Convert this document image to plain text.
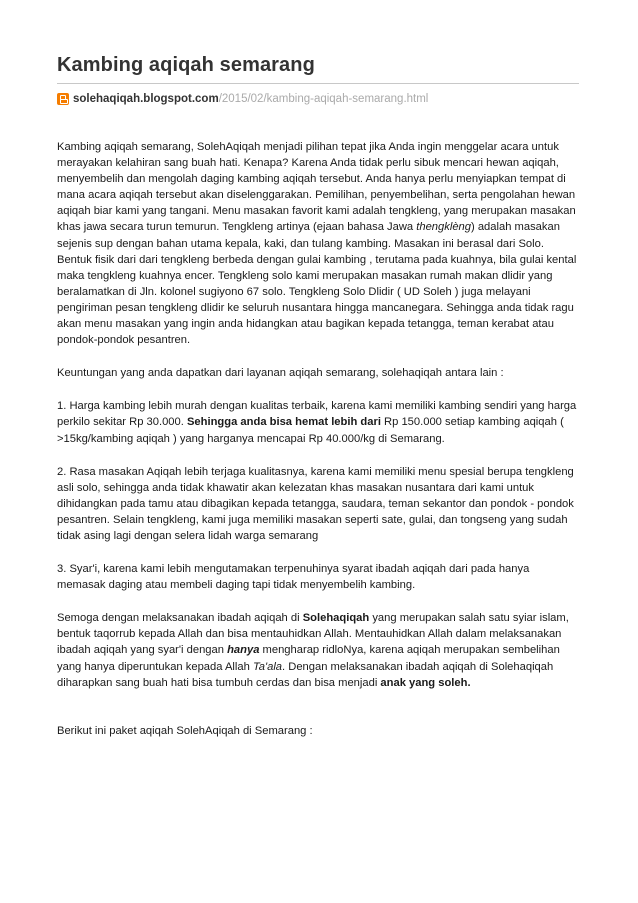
Kambing aqiqah semarang
solehaqiqah.blogspot.com/2015/02/kambing-aqiqah-semarang.html

Kambing aqiqah semarang, SolehAqiqah menjadi pilihan tepat jika Anda ingin menggelar acara untuk merayakan kelahiran sang buah hati. Kenapa? Karena Anda tidak perlu sibuk mencari hewan aqiqah, menyembelih dan mengolah daging kambing aqiqah tersebut. Anda hanya perlu menyiapkan tempat di mana acara aqiqah tersebut akan diselenggarakan. Pemilihan, penyembelihan, serta pengolahan hewan aqiqah biar kami yang tangani. Menu masakan favorit kami adalah tengkleng, yang merupakan masakan khas jawa secara turun temurun. Tengkleng artinya (ejaan bahasa Jawa thengklèng) adalah masakan sejenis sup dengan bahan utama kepala, kaki, dan tulang kambing. Masakan ini berasal dari Solo. Bentuk fisik dari dari tengkleng berbeda dengan gulai kambing , terutama pada kuahnya, bila gulai kental maka tengkleng kuahnya encer. Tengkleng solo kami merupakan masakan rumah makan dlidir yang beralamatkan di Jln. kolonel sugiyono 67 solo. Tengkleng Solo Dlidir ( UD Soleh ) juga melayani pengiriman pesan tengkleng dlidir ke seluruh nusantara hingga mancanegara. Sehingga anda tidak ragu akan menu masakan yang ingin anda hidangkan atau bagikan kepada tetangga, teman kerabat atau pondok-pondok pesantren.

Keuntungan yang anda dapatkan dari layanan aqiqah semarang, solehaqiqah antara lain :

1. Harga kambing lebih murah dengan kualitas terbaik, karena kami memiliki kambing sendiri yang harga perkilo sekitar Rp 30.000. Sehingga anda bisa hemat lebih dari Rp 150.000 setiap kambing aqiqah ( >15kg/kambing aqiqah ) yang harganya mencapai Rp 40.000/kg di Semarang.

2. Rasa masakan Aqiqah lebih terjaga kualitasnya, karena kami memiliki menu spesial berupa tengkleng asli solo, sehingga anda tidak khawatir akan kelezatan khas masakan nusantara dari kami untuk dihidangkan pada tamu atau dibagikan kepada tetangga, saudara, teman sekantor dan pondok - pondok pesantren. Selain tengkleng, kami juga memiliki masakan seperti sate, gulai, dan tongseng yang sudah tidak asing lagi dengan selera lidah warga semarang

3. Syar'i, karena kami lebih mengutamakan terpenuhinya syarat ibadah aqiqah dari pada hanya memasak daging atau membeli daging tapi tidak menyembelih kambing.

Semoga dengan melaksanakan ibadah aqiqah di Solehaqiqah yang merupakan salah satu syiar islam, bentuk taqorrub kepada Allah dan bisa mentauhidkan Allah. Mentauhidkan Allah dalam melaksanakan ibadah aqiqah yang syar'i dengan hanya mengharap ridloNya, karena aqiqah merupakan sembelihan yang hanya diperuntukan kepada Allah Ta'ala. Dengan melaksanakan ibadah aqiqah di Solehaqiqah diharapkan sang buah hati bisa tumbuh cerdas dan bisa menjadi anak yang soleh.

Berikut ini paket aqiqah SolehAqiqah di Semarang :
